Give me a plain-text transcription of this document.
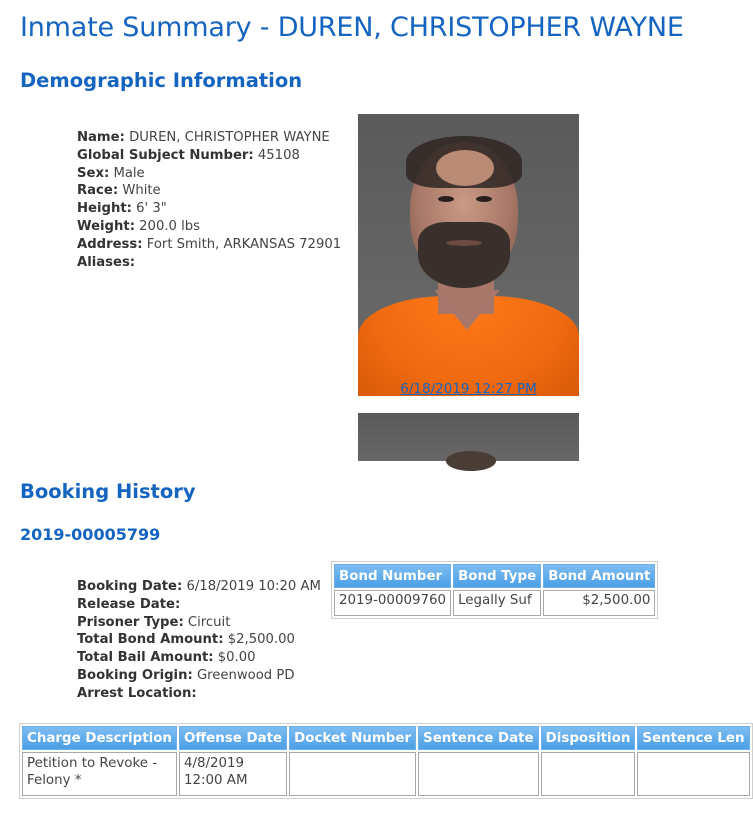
Inmate Summary - DUREN, CHRISTOPHER WAYNE
Demographic Information
Name: DUREN, CHRISTOPHER WAYNE
Global Subject Number: 45108
Sex: Male
Race: White
Height: 6' 3"
Weight: 200.0 lbs
Address: Fort Smith, ARKANSAS 72901
Aliases:
6/18/2019 12:27 PM
Booking History
2019-00005799
Booking Date: 6/18/2019 10:20 AM
Release Date:
Prisoner Type: Circuit
Total Bond Amount: $2,500.00
Total Bail Amount: $0.00
Booking Origin: Greenwood PD
Arrest Location:
Bond Number	Bond Type	Bond Amount
2019-00009760	Legally Suf	$2,500.00
Charge Description	Offense Date	Docket Number	Sentence Date	Disposition	Sentence Len
Petition to Revoke - Felony *	4/8/2019 12:00 AM				
